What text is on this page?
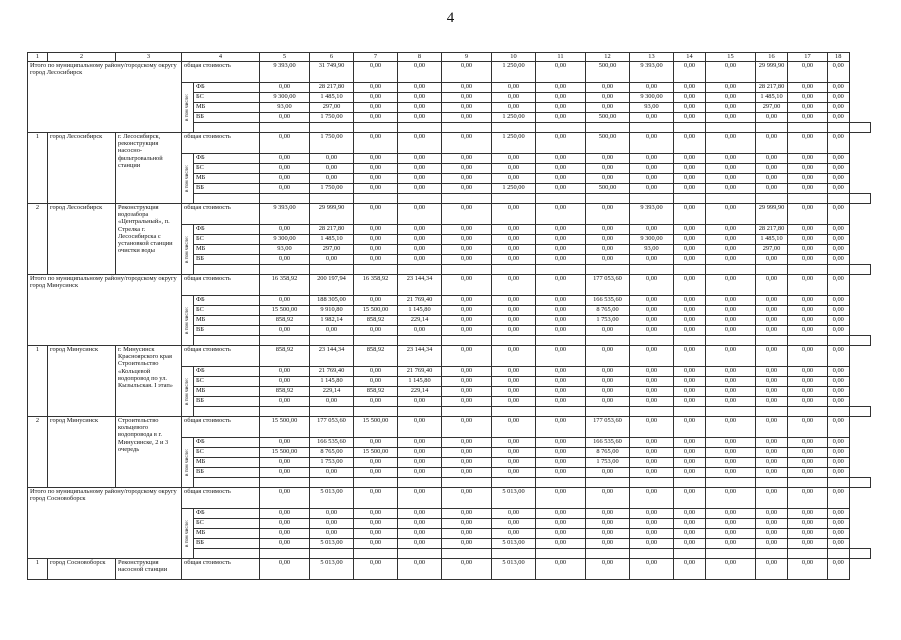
4
1	2	3	4		5	6	7	8	9	10	11	12	13	14	15	16	17	18	
Итого по муниципальному району/городскому округу город Лесосибирск			общая стоимость		9 393,00	31 749,90	0,00	0,00	0,00	1 250,00	0,00	500,00	9 393,00	0,00	0,00	29 999,90	0,00	0,00	

			в том числе:	ФБ	0,00	28 217,80	0,00	0,00	0,00	0,00	0,00	0,00	0,00	0,00	0,00	28 217,80	0,00	0,00	
				БС	9 300,00	1 485,10	0,00	0,00	0,00	0,00	0,00	0,00	9 300,00	0,00	0,00	1 485,10	0,00	0,00	
				МБ	93,00	297,00	0,00	0,00	0,00	0,00	0,00	0,00	93,00	0,00	0,00	297,00	0,00	0,00	
				ВБ	0,00	1 750,00	0,00	0,00	0,00	1 250,00	0,00	500,00	0,00	0,00	0,00	0,00	0,00	0,00	

1	город Лесосибирск	г. Лесосибирск, реконструкция насосно-фильтровальной станции	общая стоимость		0,00	1 750,00	0,00	0,00	0,00	1 250,00	0,00	500,00	0,00	0,00	0,00	0,00	0,00	0,00	

			в том числе:	ФБ	0,00	0,00	0,00	0,00	0,00	0,00	0,00	0,00	0,00	0,00	0,00	0,00	0,00	0,00	
				БС	0,00	0,00	0,00	0,00	0,00	0,00	0,00	0,00	0,00	0,00	0,00	0,00	0,00	0,00	
				МБ	0,00	0,00	0,00	0,00	0,00	0,00	0,00	0,00	0,00	0,00	0,00	0,00	0,00	0,00	
				ВБ	0,00	1 750,00	0,00	0,00	0,00	1 250,00	0,00	500,00	0,00	0,00	0,00	0,00	0,00	0,00	

2	город Лесосибирск	Реконструкция водозабора «Центральный», п. Стрелка г. Лесосибирска с установкой станции очистки воды	общая стоимость		9 393,00	29 999,90	0,00	0,00	0,00	0,00	0,00	0,00	9 393,00	0,00	0,00	29 999,90	0,00	0,00	

			в том числе:	ФБ	0,00	28 217,80	0,00	0,00	0,00	0,00	0,00	0,00	0,00	0,00	0,00	28 217,80	0,00	0,00	
				БС	9 300,00	1 485,10	0,00	0,00	0,00	0,00	0,00	0,00	9 300,00	0,00	0,00	1 485,10	0,00	0,00	
				МБ	93,00	297,00	0,00	0,00	0,00	0,00	0,00	0,00	93,00	0,00	0,00	297,00	0,00	0,00	
				ВБ	0,00	0,00	0,00	0,00	0,00	0,00	0,00	0,00	0,00	0,00	0,00	0,00	0,00	0,00	

Итого по муниципальному району/городскому округу город Минусинск			общая стоимость		16 358,92	200 197,94	16 358,92	23 144,34	0,00	0,00	0,00	177 053,60	0,00	0,00	0,00	0,00	0,00	0,00	

			в том числе:	ФБ	0,00	188 305,00	0,00	21 769,40	0,00	0,00	0,00	166 535,60	0,00	0,00	0,00	0,00	0,00	0,00	
				БС	15 500,00	9 910,80	15 500,00	1 145,80	0,00	0,00	0,00	8 765,00	0,00	0,00	0,00	0,00	0,00	0,00	
				МБ	858,92	1 982,14	858,92	229,14	0,00	0,00	0,00	1 753,00	0,00	0,00	0,00	0,00	0,00	0,00	
				ВБ	0,00	0,00	0,00	0,00	0,00	0,00	0,00	0,00	0,00	0,00	0,00	0,00	0,00	0,00	

1	город Минусинск	г. Минусинск Красноярского края Строительство «Кольцевой водопровод по ул. Кызыльская. I этап»	общая стоимость		858,92	23 144,34	858,92	23 144,34	0,00	0,00	0,00	0,00	0,00	0,00	0,00	0,00	0,00	0,00	

			в том числе:	ФБ	0,00	21 769,40	0,00	21 769,40	0,00	0,00	0,00	0,00	0,00	0,00	0,00	0,00	0,00	0,00	
				БС	0,00	1 145,80	0,00	1 145,80	0,00	0,00	0,00	0,00	0,00	0,00	0,00	0,00	0,00	0,00	
				МБ	858,92	229,14	858,92	229,14	0,00	0,00	0,00	0,00	0,00	0,00	0,00	0,00	0,00	0,00	
				ВБ	0,00	0,00	0,00	0,00	0,00	0,00	0,00	0,00	0,00	0,00	0,00	0,00	0,00	0,00	

2	город Минусинск	Строительство кольцевого водопровода в г. Минусинске, 2 и 3 очередь	общая стоимость		15 500,00	177 053,60	15 500,00	0,00	0,00	0,00	0,00	177 053,60	0,00	0,00	0,00	0,00	0,00	0,00	

			в том числе:	ФБ	0,00	166 535,60	0,00	0,00	0,00	0,00	0,00	166 535,60	0,00	0,00	0,00	0,00	0,00	0,00	
				БС	15 500,00	8 765,00	15 500,00	0,00	0,00	0,00	0,00	8 765,00	0,00	0,00	0,00	0,00	0,00	0,00	
				МБ	0,00	1 753,00	0,00	0,00	0,00	0,00	0,00	1 753,00	0,00	0,00	0,00	0,00	0,00	0,00	
				ВБ	0,00	0,00	0,00	0,00	0,00	0,00	0,00	0,00	0,00	0,00	0,00	0,00	0,00	0,00	

Итого по муниципальному району/городскому округу город Сосновоборск			общая стоимость		0,00	5 013,00	0,00	0,00	0,00	5 013,00	0,00	0,00	0,00	0,00	0,00	0,00	0,00	0,00	

			в том числе:	ФБ	0,00	0,00	0,00	0,00	0,00	0,00	0,00	0,00	0,00	0,00	0,00	0,00	0,00	0,00	
				БС	0,00	0,00	0,00	0,00	0,00	0,00	0,00	0,00	0,00	0,00	0,00	0,00	0,00	0,00	
				МБ	0,00	0,00	0,00	0,00	0,00	0,00	0,00	0,00	0,00	0,00	0,00	0,00	0,00	0,00	
				ВБ	0,00	5 013,00	0,00	0,00	0,00	5 013,00	0,00	0,00	0,00	0,00	0,00	0,00	0,00	0,00	

1	город Сосновоборск	Реконструкция насосной станции	общая стоимость		0,00	5 013,00	0,00	0,00	0,00	5 013,00	0,00	0,00	0,00	0,00	0,00	0,00	0,00	0,00	
